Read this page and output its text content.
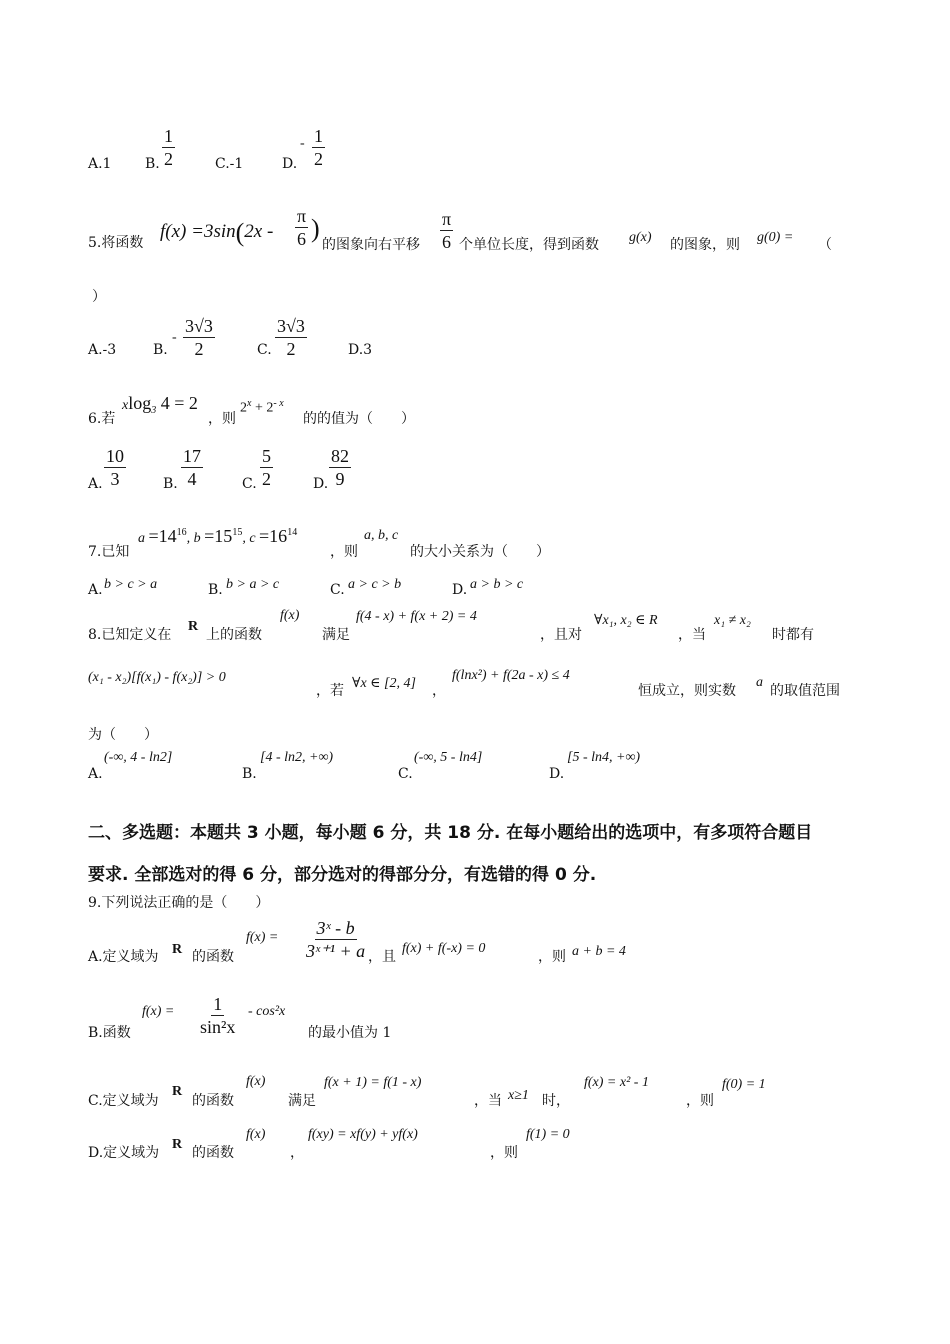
A.1 B. $\frac{1}{2}$	C.-1	D.
- $\frac{1}{2}$
5.将函数
$f(x) =3\sin(2x - \frac{\pi}{6}$ )
的图象向右平移 $\frac{\pi}{6}$ 个单位长度，得到函数 g(x) 的图象，则 g(0) = （
）
A.-3	B.
- $\frac{3√3}{2}$	C. $\frac{3√3}{2}$	D.3
6.若
xlog$_3$ 4 = 2
，则
$2^x + 2^{- x}$
的的值为（　　）
A. $\frac{10}{3}$	B. $\frac{17}{4}$	C. $\frac{5}{2}$	D. $\frac{82}{9}$
7.已知
$a =14^{16}$, $b =15^{15}$, $c =16^{14}$
，则
a, b, c
的大小关系为（　　）
A. b > c > a	B. b > a > c	C. a > c > b	D. a > b > c
8.已知定义在
R
上的函数
f(x)
满足
f(4 - x) + f(x + 2) = 4
，且对
∀x₁, x₂ ∈ R
，当
x₁ ≠ x₂
时都有
(x₁ - x₂)[f(x₁) - f(x₂)] > 0
，若 ∀x ∈ [2, 4] ，
f(lnx²) + f(2a - x) ≤ 4
恒成立，则实数
a
的取值范围
为（　　）
A.
(-∞, 4 - ln2]
B.
[4 - ln2, +∞)
C.
(-∞, 5 - ln4]
D.
[5 - ln4, +∞)
二、多选题：本题共 3 小题，每小题 6 分，共 18 分. 在每小题给出的选项中，有多项符合题目
要求. 全部选对的得 6 分，部分选对的得部分分，有选错的得 0 分.
9.下列说法正确的是（　　）
A.定义域为 R 的函数
$f(x) = \frac{\text{3ˣ - b}}{\text{3ˣ⁺¹ + a}}$ ，且
f(x) + f(-x) = 0
，则 a + b = 4
B.函数
$f(x) = \frac{1}{\text{sin²x}} - \cos^2x$
的最小值为 1
C.定义域为
R
的函数
f(x)
满足
f(x + 1) = f(1 - x)
，当 x≥1 时，
f(x) = x² - 1
，则
f(0) = 1
D.定义域为
R
的函数
f(x)
，
f(xy) = xf(y) + yf(x)
，则
f(1) = 0
